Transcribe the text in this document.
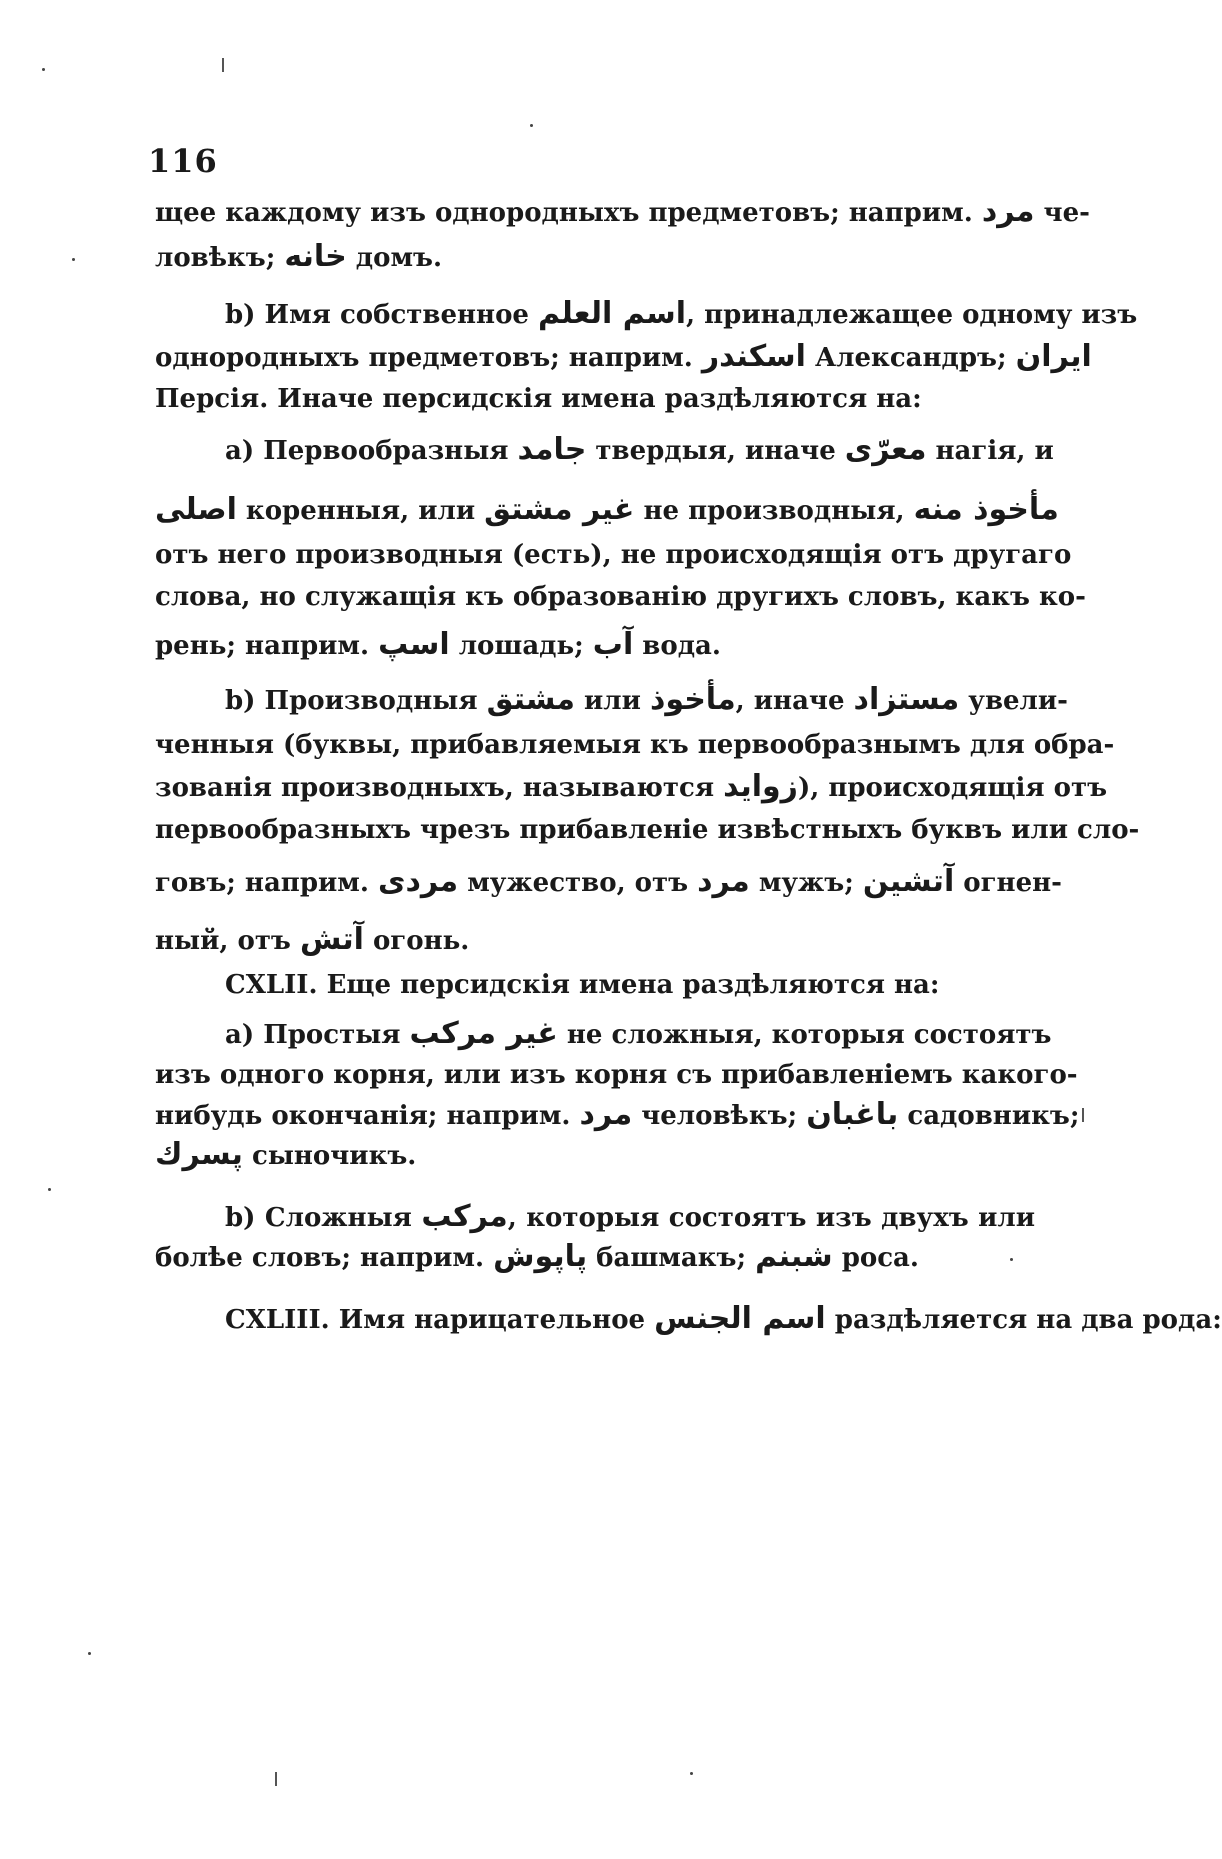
116
щее каждому изъ однородныхъ предметовъ; наприм. مرد че-
ловѣкъ; خانه домъ.
b) Имя собственное اسم العلم, принадлежащее одному изъ
однородныхъ предметовъ; наприм. اسکندر Александръ; ايران
Персія. Иначе персидскія имена раздѣляются на:
a) Первообразныя جامد твердыя, иначе معرّى нагія, и
اصلى коренныя, или غير مشتق не производныя, مأخوذ منه
отъ него производныя (есть), не происходящія отъ другаго
слова, но служащія къ образованію другихъ словъ, какъ ко-
рень; наприм. اسپ лошадь; آب вода.
b) Производныя مشتق или مأخوذ, иначе مستزاد увели-
ченныя (буквы, прибавляемыя къ первообразнымъ для обра-
зованія производныхъ, называются زوايد), происходящія отъ
первообразныхъ чрезъ прибавленіе извѣстныхъ буквъ или сло-
говъ; наприм. مردى мужество, отъ مرد мужъ; آتشين огнен-
ный, отъ آتش огонь.
CXLII. Еще персидскія имена раздѣляются на:
a) Простыя غير مركب не сложныя, которыя состоятъ
изъ одного корня, или изъ корня съ прибавленіемъ какого-
нибудь окончанія; наприм. مرد человѣкъ; باغبان садовникъ;
پسرك сыночикъ.
b) Сложныя مركب, которыя состоятъ изъ двухъ или
болѣе словъ; наприм. پاپوش башмакъ; شبنم роса.
CXLIII. Имя нарицательное اسم الجنس раздѣляется на два рода:
